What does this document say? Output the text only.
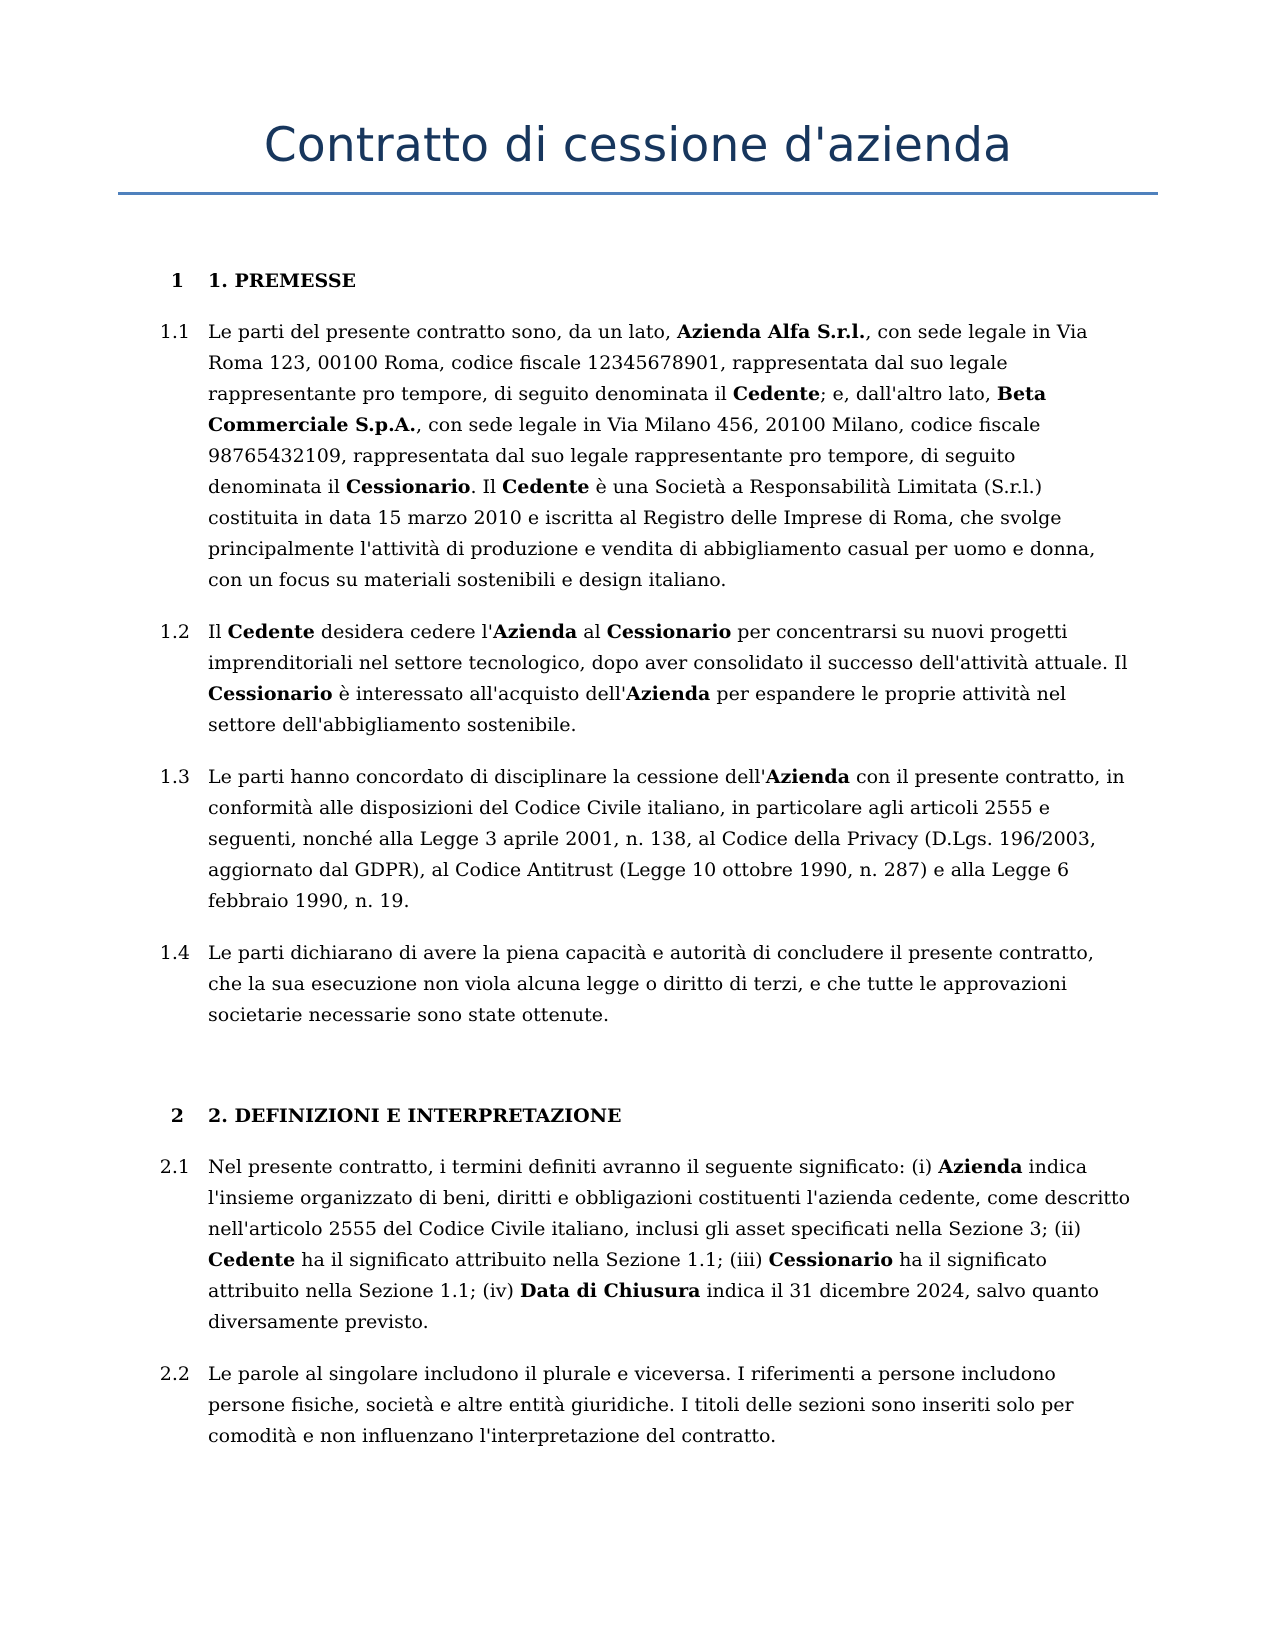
Contratto di cessione d'azienda
1 1. PREMESSE
1.1 Le parti del presente contratto sono, da un lato, Azienda Alfa S.r.l., con sede legale in Via Roma 123, 00100 Roma, codice fiscale 12345678901, rappresentata dal suo legale rappresentante pro tempore, di seguito denominata il Cedente; e, dall'altro lato, Beta Commerciale S.p.A., con sede legale in Via Milano 456, 20100 Milano, codice fiscale 98765432109, rappresentata dal suo legale rappresentante pro tempore, di seguito denominata il Cessionario. Il Cedente è una Società a Responsabilità Limitata (S.r.l.) costituita in data 15 marzo 2010 e iscritta al Registro delle Imprese di Roma, che svolge principalmente l'attività di produzione e vendita di abbigliamento casual per uomo e donna, con un focus su materiali sostenibili e design italiano.
1.2 Il Cedente desidera cedere l'Azienda al Cessionario per concentrarsi su nuovi progetti imprenditoriali nel settore tecnologico, dopo aver consolidato il successo dell'attività attuale. Il Cessionario è interessato all'acquisto dell'Azienda per espandere le proprie attività nel settore dell'abbigliamento sostenibile.
1.3 Le parti hanno concordato di disciplinare la cessione dell'Azienda con il presente contratto, in conformità alle disposizioni del Codice Civile italiano, in particolare agli articoli 2555 e seguenti, nonché alla Legge 3 aprile 2001, n. 138, al Codice della Privacy (D.Lgs. 196/2003, aggiornato dal GDPR), al Codice Antitrust (Legge 10 ottobre 1990, n. 287) e alla Legge 6 febbraio 1990, n. 19.
1.4 Le parti dichiarano di avere la piena capacità e autorità di concludere il presente contratto, che la sua esecuzione non viola alcuna legge o diritto di terzi, e che tutte le approvazioni societarie necessarie sono state ottenute.
2 2. DEFINIZIONI E INTERPRETAZIONE
2.1 Nel presente contratto, i termini definiti avranno il seguente significato: (i) Azienda indica l'insieme organizzato di beni, diritti e obbligazioni costituenti l'azienda cedente, come descritto nell'articolo 2555 del Codice Civile italiano, inclusi gli asset specificati nella Sezione 3; (ii) Cedente ha il significato attribuito nella Sezione 1.1; (iii) Cessionario ha il significato attribuito nella Sezione 1.1; (iv) Data di Chiusura indica il 31 dicembre 2024, salvo quanto diversamente previsto.
2.2 Le parole al singolare includono il plurale e viceversa. I riferimenti a persone includono persone fisiche, società e altre entità giuridiche. I titoli delle sezioni sono inseriti solo per comodità e non influenzano l'interpretazione del contratto.
